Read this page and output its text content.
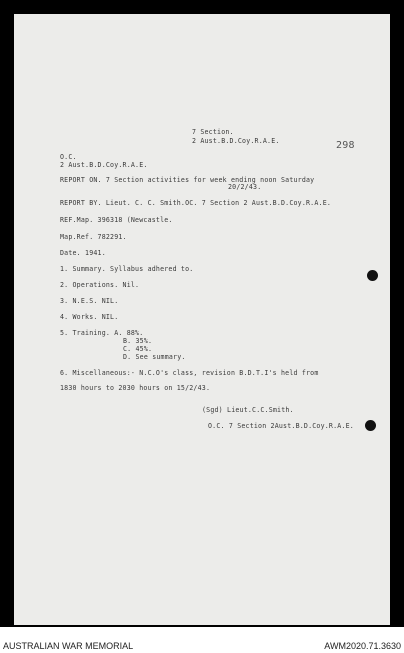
7 Section.
2 Aust.B.D.Coy.R.A.E.	298
O.C.
2 Aust.B.D.Coy.R.A.E.
REPORT ON. 7 Section activities for week ending noon Saturday
20/2/43.
REPORT BY. Lieut. C. C. Smith.OC. 7 Section 2 Aust.B.D.Coy.R.A.E.
REF.Map. 396318 (Newcastle.
Map.Ref. 782291.
Date. 1941.
1. Summary. Syllabus adhered to.
2. Operations. Nil.
3. N.E.S. NIL.
4. Works. NIL.
5. Training. A. 88%.
B. 35%.
C. 45%.
D. See summary.
6. Miscellaneous:- N.C.O's class, revision B.D.T.I's held from
1830 hours to 2030 hours on 15/2/43.
(Sgd) Lieut.C.C.Smith.
O.C. 7 Section 2Aust.B.D.Coy.R.A.E.
AUSTRALIAN WAR MEMORIAL	AWM2020.71.3630
